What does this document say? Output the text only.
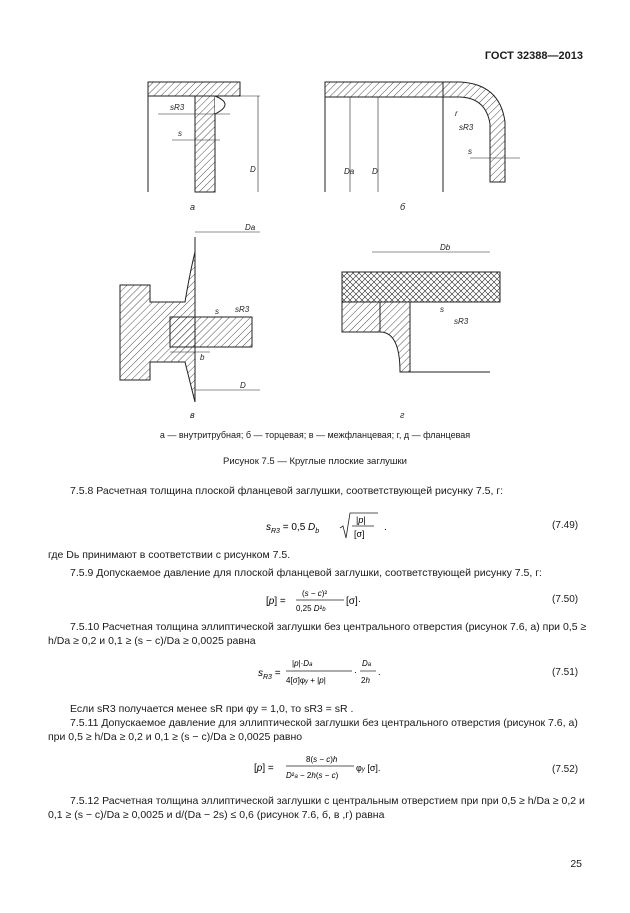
ГОСТ 32388—2013
sR3
s
D	Da D
r
sR3
s
Da
sR3
s
b
D
Db
s
sR3
а	б
в	г
а — внутритрубная; б — торцевая; в — межфланцевая; г, д — фланцевая
Рисунок 7.5 — Круглые плоские заглушки
7.5.8 Расчетная толщина плоской фланцевой заглушки, соответствующей рисунку 7.5, г:
$s_{R3} = 0,5$ $D_b$
|p|
[σ]
.	(7.49)
где Dь принимают в соответствии с рисунком 7.5.
7.5.9 Допускаемое давление для плоской фланцевой заглушки, соответствующей рисунку 7.5, г:
[p] =
(s − c)²
0,25 D²b
[σ]·	(7.50)
7.5.10 Расчетная толщина эллиптической заглушки без центрального отверстия (рисунок 7.6, а) при 0,5 ≥ h/Da ≥ 0,2 и 0,1 ≥ (s − c)/Da ≥ 0,0025 равна
$s_{R3}$ =
|p|·Da
4[σ]φy + |p|
·
Da
2h
.	(7.51)
Если sR3 получается менее sR при φy = 1,0, то sR3 = sR .
7.5.11 Допускаемое давление для эллиптической заглушки без центрального отверстия (рисунок 7.6, а) при 0,5 ≥ h/Da ≥ 0,2 и 0,1 ≥ (s − c)/Da ≥ 0,0025 равно
[p] =
8(s − c)h
D²a − 2h(s − c)
φy [σ].	(7.52)
7.5.12 Расчетная толщина эллиптической заглушки с центральным отверстием при при 0,5 ≥ h/Da ≥ 0,2 и 0,1 ≥ (s − c)/Da ≥ 0,0025 и d/(Da − 2s) ≤ 0,6 (рисунок 7.6, б, в ,г) равна
25
